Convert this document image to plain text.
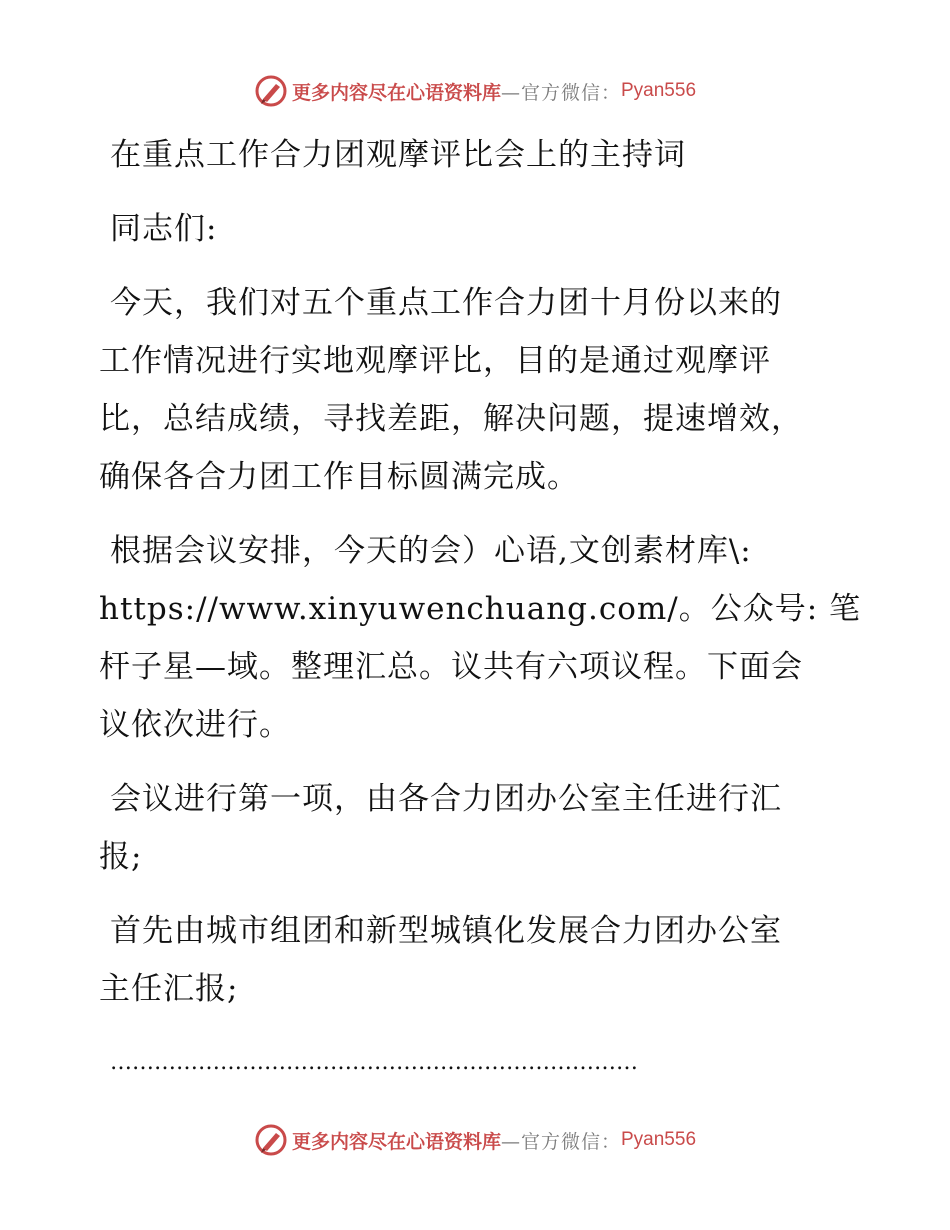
更多内容尽在心语资料库 —官方微信： Pyan556
在重点工作合力团观摩评比会上的主持词
同志们:
今天，我们对五个重点工作合力团十月份以来的
工作情况进行实地观摩评比，目的是通过观摩评
比，总结成绩，寻找差距，解决问题，提速增效，
确保各合力团工作目标圆满完成。
根据会议安排，今天的会）心语,文创素材库\:
https://www.xinyuwenchuang.com/。公众号: 笔
杆子星—域。整理汇总。议共有六项议程。下面会
议依次进行。
会议进行第一项，由各合力团办公室主任进行汇
报;
首先由城市组团和新型城镇化发展合力团办公室
主任汇报;
………………………………………………………………
更多内容尽在心语资料库 —官方微信： Pyan556
